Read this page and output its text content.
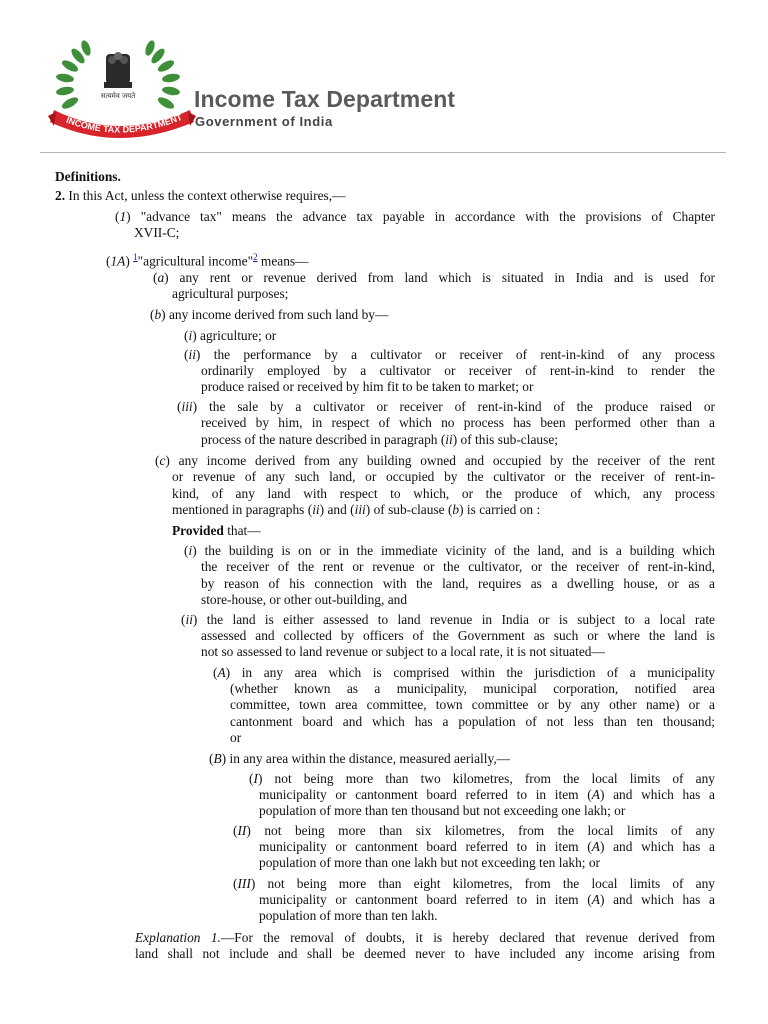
सत्यमेव जयते
INCOME TAX DEPARTMENT
Income Tax Department
Government of India
Definitions.
2. In this Act, unless the context otherwise requires,—
(1) "advance tax" means the advance tax payable in accordance with the provisions of Chapter
XVII-C;
(1A) $^1$"agricultural income"$^2$ means—
(a) any rent or revenue derived from land which is situated in India and is used for
agricultural purposes;
(b) any income derived from such land by—
(i) agriculture; or
(ii) the performance by a cultivator or receiver of rent-in-kind of any process
ordinarily employed by a cultivator or receiver of rent-in-kind to render the
produce raised or received by him fit to be taken to market; or
(iii) the sale by a cultivator or receiver of rent-in-kind of the produce raised or
received by him, in respect of which no process has been performed other than a
process of the nature described in paragraph (ii) of this sub-clause;
(c) any income derived from any building owned and occupied by the receiver of the rent
or revenue of any such land, or occupied by the cultivator or the receiver of rent-in-
kind, of any land with respect to which, or the produce of which, any process
mentioned in paragraphs (ii) and (iii) of sub-clause (b) is carried on :
Provided that—
(i) the building is on or in the immediate vicinity of the land, and is a building which
the receiver of the rent or revenue or the cultivator, or the receiver of rent-in-kind,
by reason of his connection with the land, requires as a dwelling house, or as a
store-house, or other out-building, and
(ii) the land is either assessed to land revenue in India or is subject to a local rate
assessed and collected by officers of the Government as such or where the land is
not so assessed to land revenue or subject to a local rate, it is not situated—
(A) in any area which is comprised within the jurisdiction of a municipality
(whether known as a municipality, municipal corporation, notified area
committee, town area committee, town committee or by any other name) or a
cantonment board and which has a population of not less than ten thousand;
or
(B) in any area within the distance, measured aerially,—
(I) not being more than two kilometres, from the local limits of any
municipality or cantonment board referred to in item (A) and which has a
population of more than ten thousand but not exceeding one lakh; or
(II) not being more than six kilometres, from the local limits of any
municipality or cantonment board referred to in item (A) and which has a
population of more than one lakh but not exceeding ten lakh; or
(III) not being more than eight kilometres, from the local limits of any
municipality or cantonment board referred to in item (A) and which has a
population of more than ten lakh.
Explanation 1.—For the removal of doubts, it is hereby declared that revenue derived from
land shall not include and shall be deemed never to have included any income arising from
